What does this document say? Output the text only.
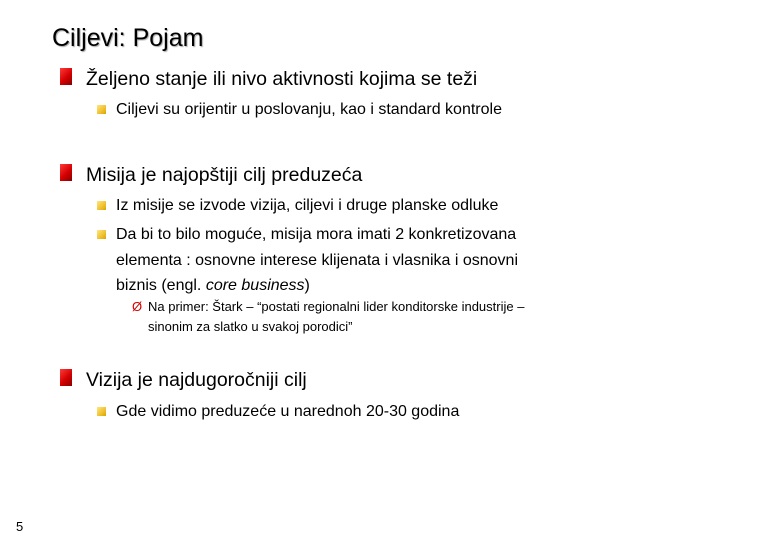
Ciljevi: Pojam
Željeno stanje ili nivo aktivnosti kojima se teži
Ciljevi su orijentir u poslovanju, kao i standard kontrole
Misija je najopštiji cilj preduzeća
Iz misije se izvode vizija, ciljevi i druge planske odluke
Da bi to bilo moguće, misija mora imati 2 konkretizovana
elementa : osnovne interese klijenata i vlasnika i osnovni
biznis (engl. core business)
Ø Na primer: Štark – “postati regionalni lider konditorske industrije –
sinonim za slatko u svakoj porodici”
Vizija je najdugoročniji cilj
Gde vidimo preduzeće u narednoh 20-30 godina
5
